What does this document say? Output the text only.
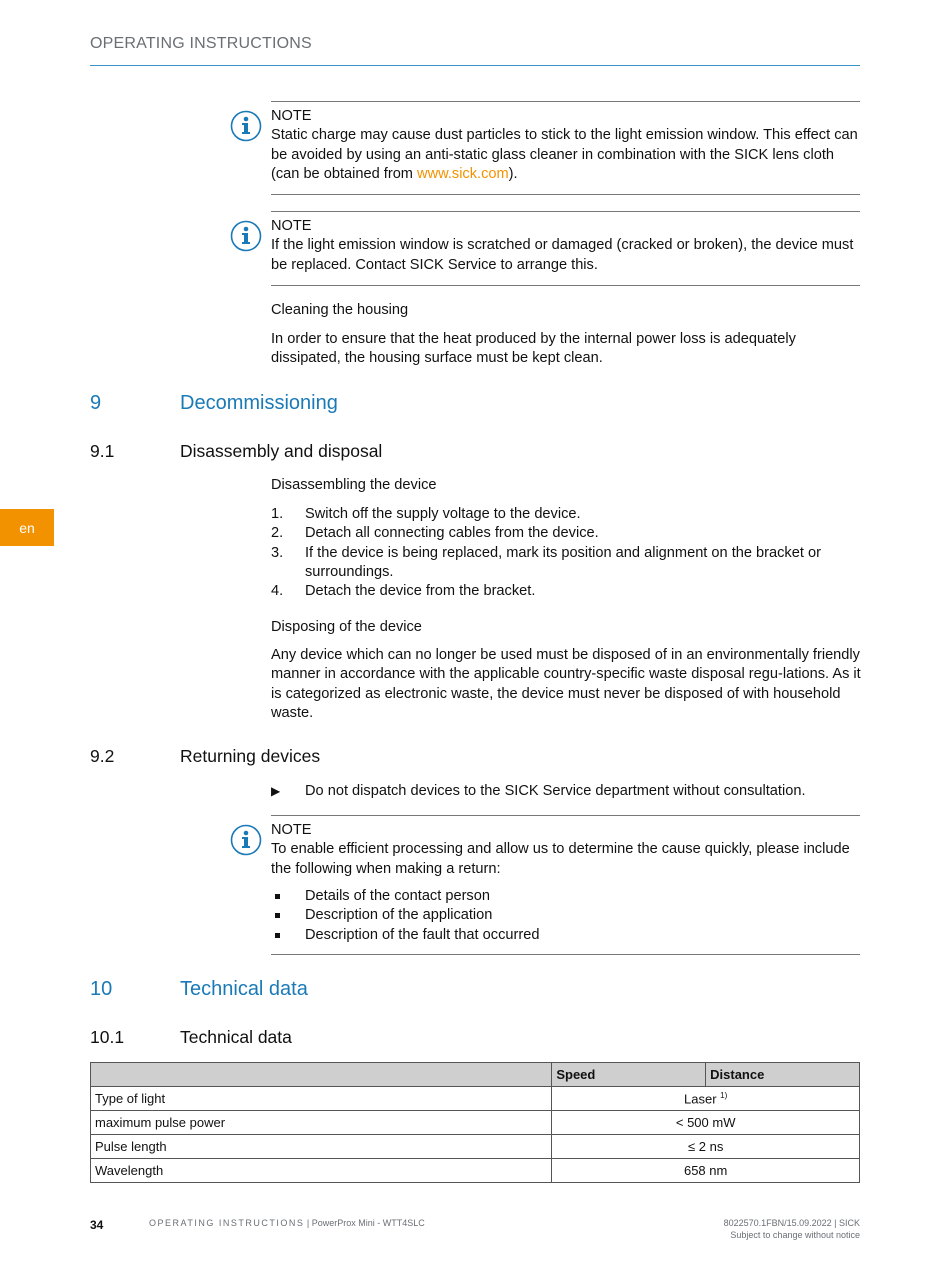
OPERATING INSTRUCTIONS
en
NOTE
Static charge may cause dust particles to stick to the light emission window. This effect can be avoided by using an anti-static glass cleaner in combination with the SICK lens cloth (can be obtained from www.sick.com).
NOTE
If the light emission window is scratched or damaged (cracked or broken), the device must be replaced. Contact SICK Service to arrange this.
Cleaning the housing
In order to ensure that the heat produced by the internal power loss is adequately dissipated, the housing surface must be kept clean.
9	Decommissioning
9.1	Disassembly and disposal
Disassembling the device
1. Switch off the supply voltage to the device.
2. Detach all connecting cables from the device.
3. If the device is being replaced, mark its position and alignment on the bracket or surroundings.
4. Detach the device from the bracket.
Disposing of the device
Any device which can no longer be used must be disposed of in an environmentally friendly manner in accordance with the applicable country-specific waste disposal regu-lations. As it is categorized as electronic waste, the device must never be disposed of with household waste.
9.2	Returning devices
▶ Do not dispatch devices to the SICK Service department without consultation.
NOTE
To enable efficient processing and allow us to determine the cause quickly, please include the following when making a return:
Details of the contact person
Description of the application
Description of the fault that occurred
10	Technical data
10.1	Technical data
	Speed	Distance
Type of light	Laser $^{1)}$
maximum pulse power	< 500 mW	
Pulse length	≤ 2 ns	
Wavelength	658 nm	
34	OPERATING INSTRUCTIONS | PowerProx Mini - WTT4SLC	8022570.1FBN/15.09.2022 | SICK
Subject to change without notice
